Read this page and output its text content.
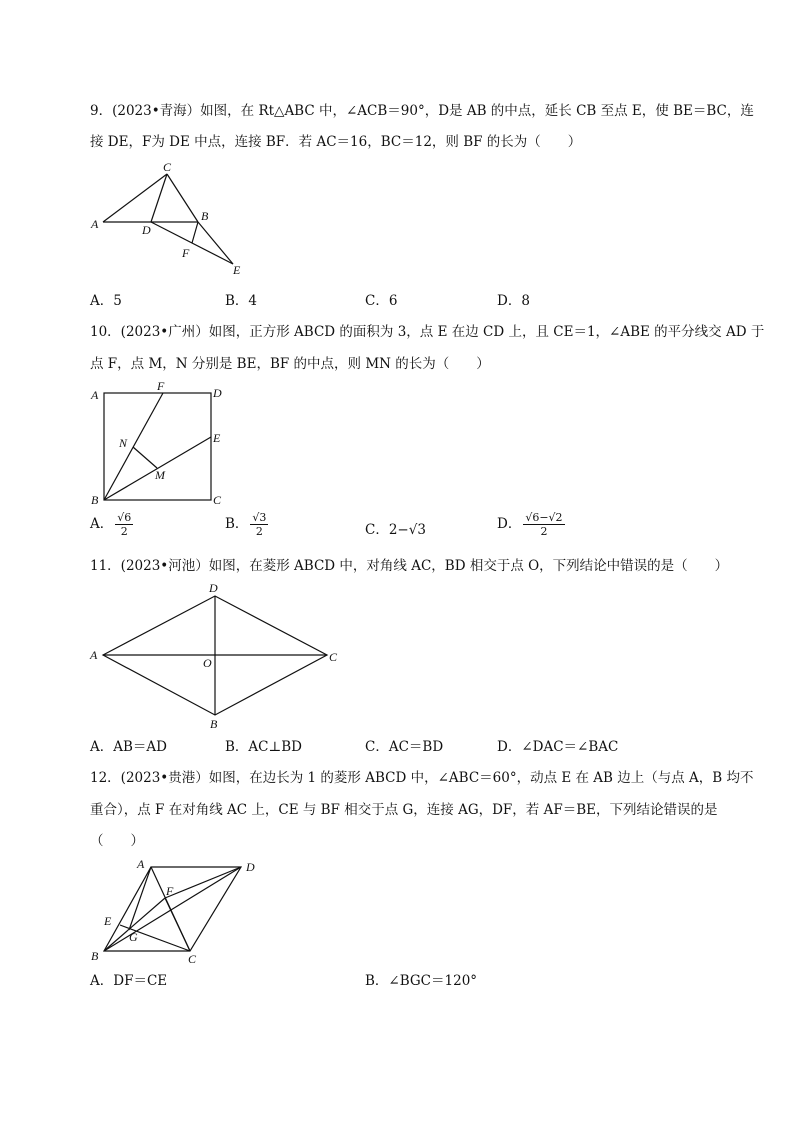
9．(2023•青海）如图，在 Rt△ABC 中，∠ACB＝90°，D是 AB 的中点，延长 CB 至点 E，使 BE＝BC，连
接 DE，F为 DE 中点，连接 BF．若 AC＝16，BC＝12，则 BF 的长为（　　）
A
C
B
D
F
E
A．5	B．4	C．6	D．8
10．(2023•广州）如图，正方形 ABCD 的面积为 3，点 E 在边 CD 上，且 CE＝1，∠ABE 的平分线交 AD 于
点 F，点 M，N 分别是 BE，BF 的中点，则 MN 的长为（　　）
A
F	D
E
N
M
B	C
A． $\frac{√6}{2}$	B． $\frac{√3}{2}$	C．2−√3	D． $\frac{√6-√2}{2}$
11．(2023•河池）如图，在菱形 ABCD 中，对角线 AC，BD 相交于点 O，下列结论中错误的是（　　）
A
D
C
O
B
A．AB＝AD	B．AC⊥BD	C．AC＝BD	D．∠DAC＝∠BAC
12．(2023•贵港）如图，在边长为 1 的菱形 ABCD 中，∠ABC＝60°，动点 E 在 AB 边上（与点 A，B 均不
重合），点 F 在对角线 AC 上，CE 与 BF 相交于点 G，连接 AG，DF，若 AF＝BE，下列结论错误的是
（　　）
A	D
F
E
G
B	C
A．DF＝CE	B．∠BGC＝120°
